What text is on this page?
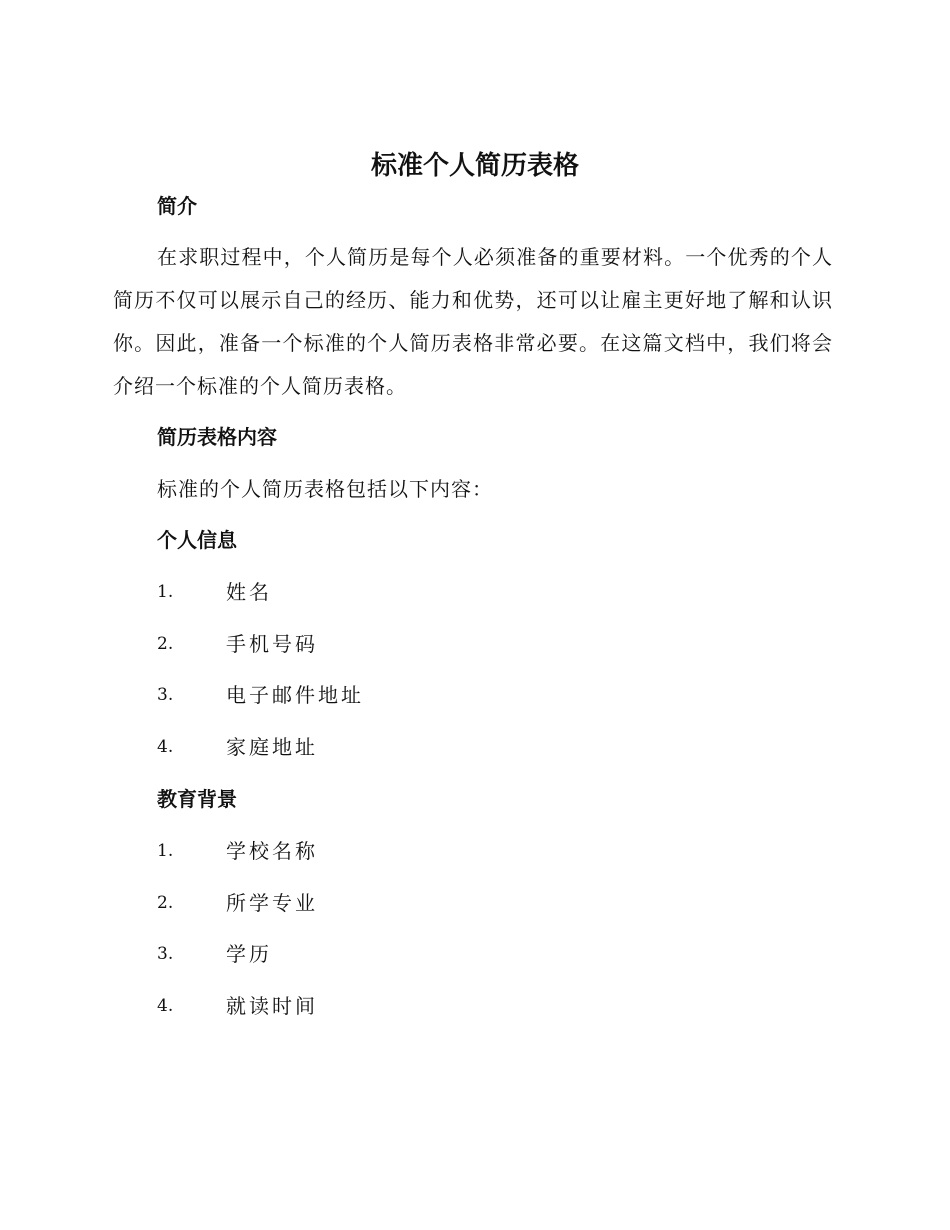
标准个人简历表格
简介

在求职过程中，个人简历是每个人必须准备的重要材料。一个优秀的个人简历不仅可以展示自己的经历、能力和优势，还可以让雇主更好地了解和认识你。因此，准备一个标准的个人简历表格非常必要。在这篇文档中，我们将会介绍一个标准的个人简历表格。

简历表格内容

标准的个人简历表格包括以下内容：

个人信息
1.	姓名
2.	手机号码
3.	电子邮件地址
4.	家庭地址
教育背景
1.	学校名称
2.	所学专业
3.	学历
4.	就读时间
